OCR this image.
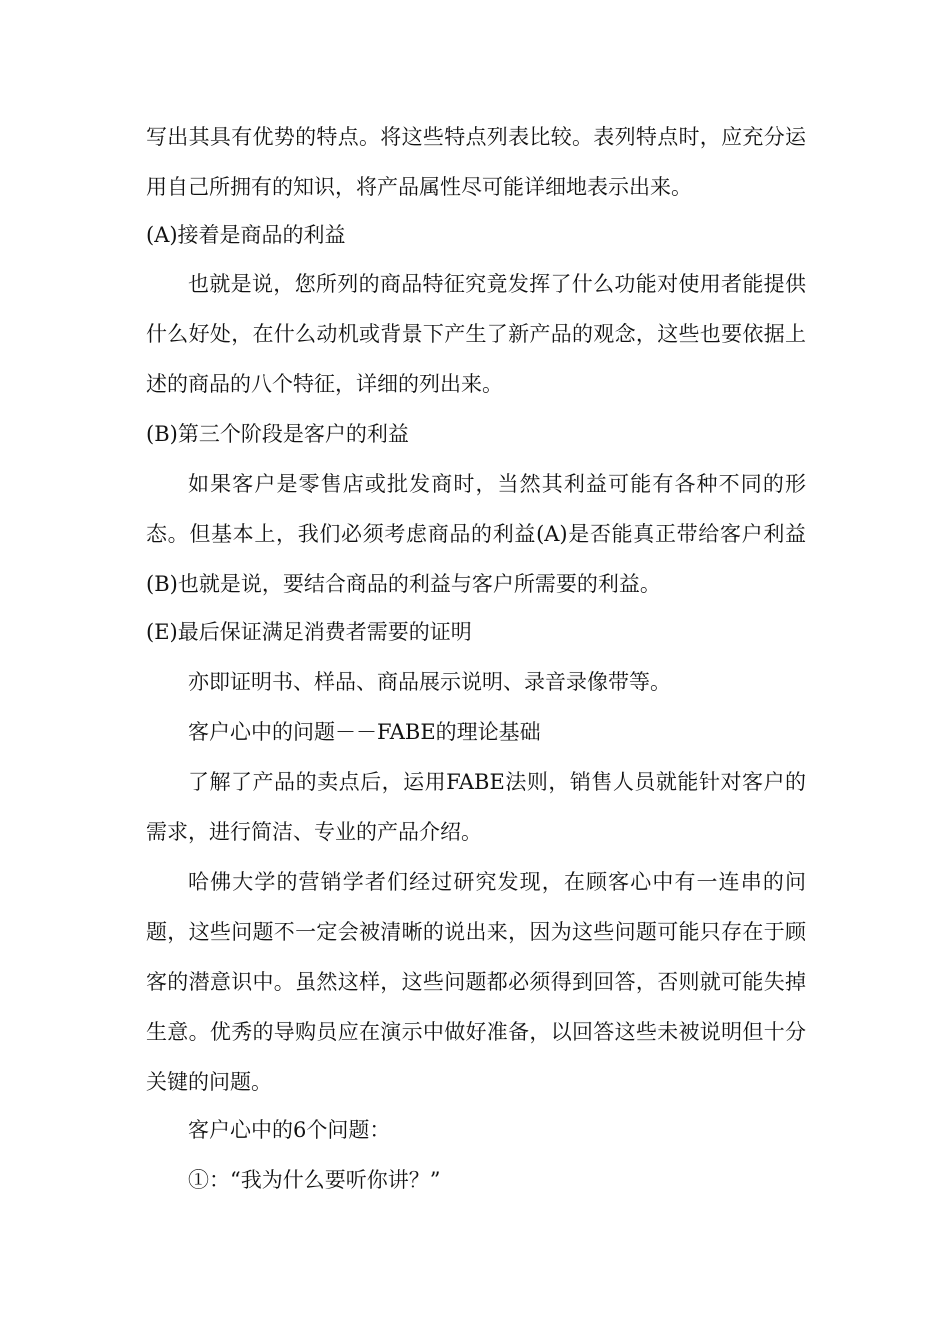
写出其具有优势的特点。将这些特点列表比较。表列特点时，应充分运用自己所拥有的知识，将产品属性尽可能详细地表示出来。

(A)接着是商品的利益

也就是说，您所列的商品特征究竟发挥了什么功能对使用者能提供什么好处，在什么动机或背景下产生了新产品的观念，这些也要依据上述的商品的八个特征，详细的列出来。

(B)第三个阶段是客户的利益

如果客户是零售店或批发商时，当然其利益可能有各种不同的形态。但基本上，我们必须考虑商品的利益(A)是否能真正带给客户利益(B)也就是说，要结合商品的利益与客户所需要的利益。

(E)最后保证满足消费者需要的证明

亦即证明书、样品、商品展示说明、录音录像带等。

客户心中的问题－－FABE的理论基础

了解了产品的卖点后，运用FABE法则，销售人员就能针对客户的需求，进行简洁、专业的产品介绍。

哈佛大学的营销学者们经过研究发现，在顾客心中有一连串的问题，这些问题不一定会被清晰的说出来，因为这些问题可能只存在于顾客的潜意识中。虽然这样，这些问题都必须得到回答，否则就可能失掉生意。优秀的导购员应在演示中做好准备，以回答这些未被说明但十分关键的问题。

客户心中的6个问题：

①：“我为什么要听你讲？”
